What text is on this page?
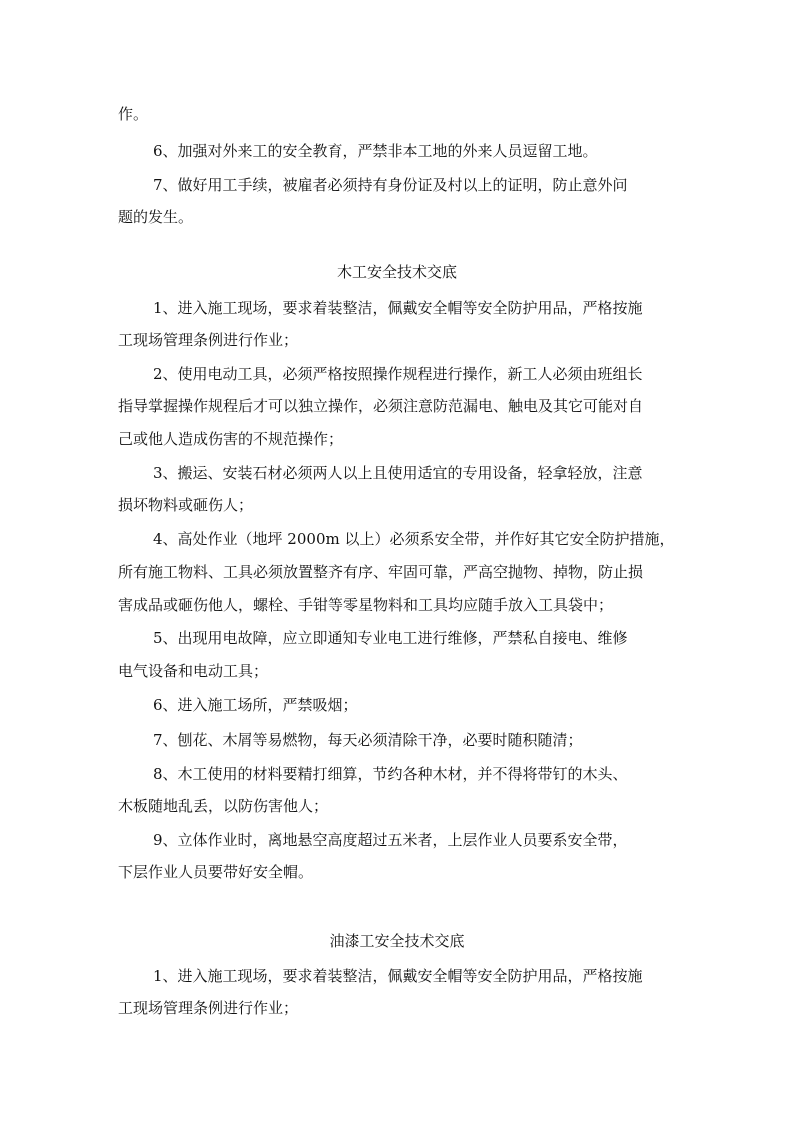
作。
6、加强对外来工的安全教育，严禁非本工地的外来人员逗留工地。
7、做好用工手续，被雇者必须持有身份证及村以上的证明，防止意外问
题的发生。
木工安全技术交底
1、进入施工现场，要求着装整洁，佩戴安全帽等安全防护用品，严格按施
工现场管理条例进行作业；
2、使用电动工具，必须严格按照操作规程进行操作，新工人必须由班组长
指导掌握操作规程后才可以独立操作，必须注意防范漏电、触电及其它可能对自
己或他人造成伤害的不规范操作；
3、搬运、安装石材必须两人以上且使用适宜的专用设备，轻拿轻放，注意
损坏物料或砸伤人；
4、高处作业（地坪 2000m 以上）必须系安全带，并作好其它安全防护措施，
所有施工物料、工具必须放置整齐有序、牢固可靠，严高空抛物、掉物，防止损
害成品或砸伤他人，螺栓、手钳等零星物料和工具均应随手放入工具袋中；
5、出现用电故障，应立即通知专业电工进行维修，严禁私自接电、维修
电气设备和电动工具；
6、进入施工场所，严禁吸烟；
7、刨花、木屑等易燃物，每天必须清除干净，必要时随积随清；
8、木工使用的材料要精打细算，节约各种木材，并不得将带钉的木头、
木板随地乱丢，以防伤害他人；
9、立体作业时，离地悬空高度超过五米者，上层作业人员要系安全带，
下层作业人员要带好安全帽。
油漆工安全技术交底
1、进入施工现场，要求着装整洁，佩戴安全帽等安全防护用品，严格按施
工现场管理条例进行作业；
